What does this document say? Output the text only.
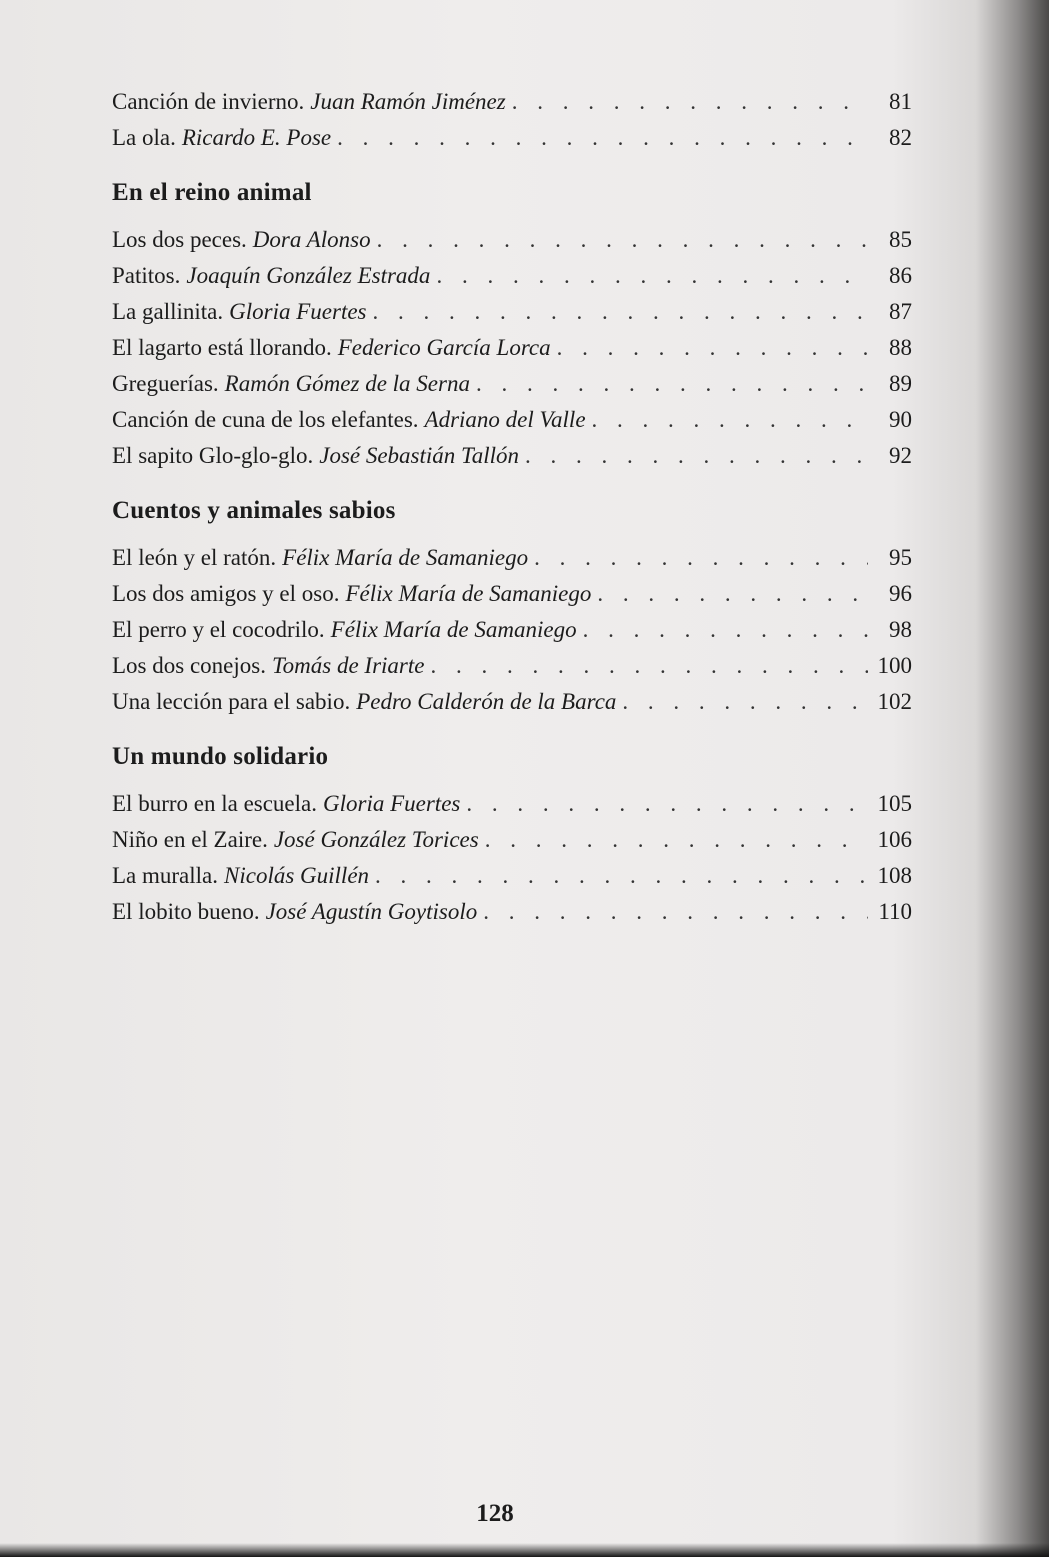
Canción de invierno. Juan Ramón Jiménez . . .	81
La ola. Ricardo E. Pose . . .	82
En el reino animal
Los dos peces. Dora Alonso . . .	85
Patitos. Joaquín González Estrada . . .	86
La gallinita. Gloria Fuertes . . .	87
El lagarto está llorando. Federico García Lorca . . .	88
Greguerías. Ramón Gómez de la Serna . . .	89
Canción de cuna de los elefantes. Adriano del Valle . . .	90
El sapito Glo-glo-glo. José Sebastián Tallón . . .	92
Cuentos y animales sabios
El león y el ratón. Félix María de Samaniego . . .	95
Los dos amigos y el oso. Félix María de Samaniego . . .	96
El perro y el cocodrilo. Félix María de Samaniego . . .	98
Los dos conejos. Tomás de Iriarte . . .	100
Una lección para el sabio. Pedro Calderón de la Barca . . .	102
Un mundo solidario
El burro en la escuela. Gloria Fuertes . . .	105
Niño en el Zaire. José González Torices . . .	106
La muralla. Nicolás Guillén . . .	108
El lobito bueno. José Agustín Goytisolo . . .	110
128
